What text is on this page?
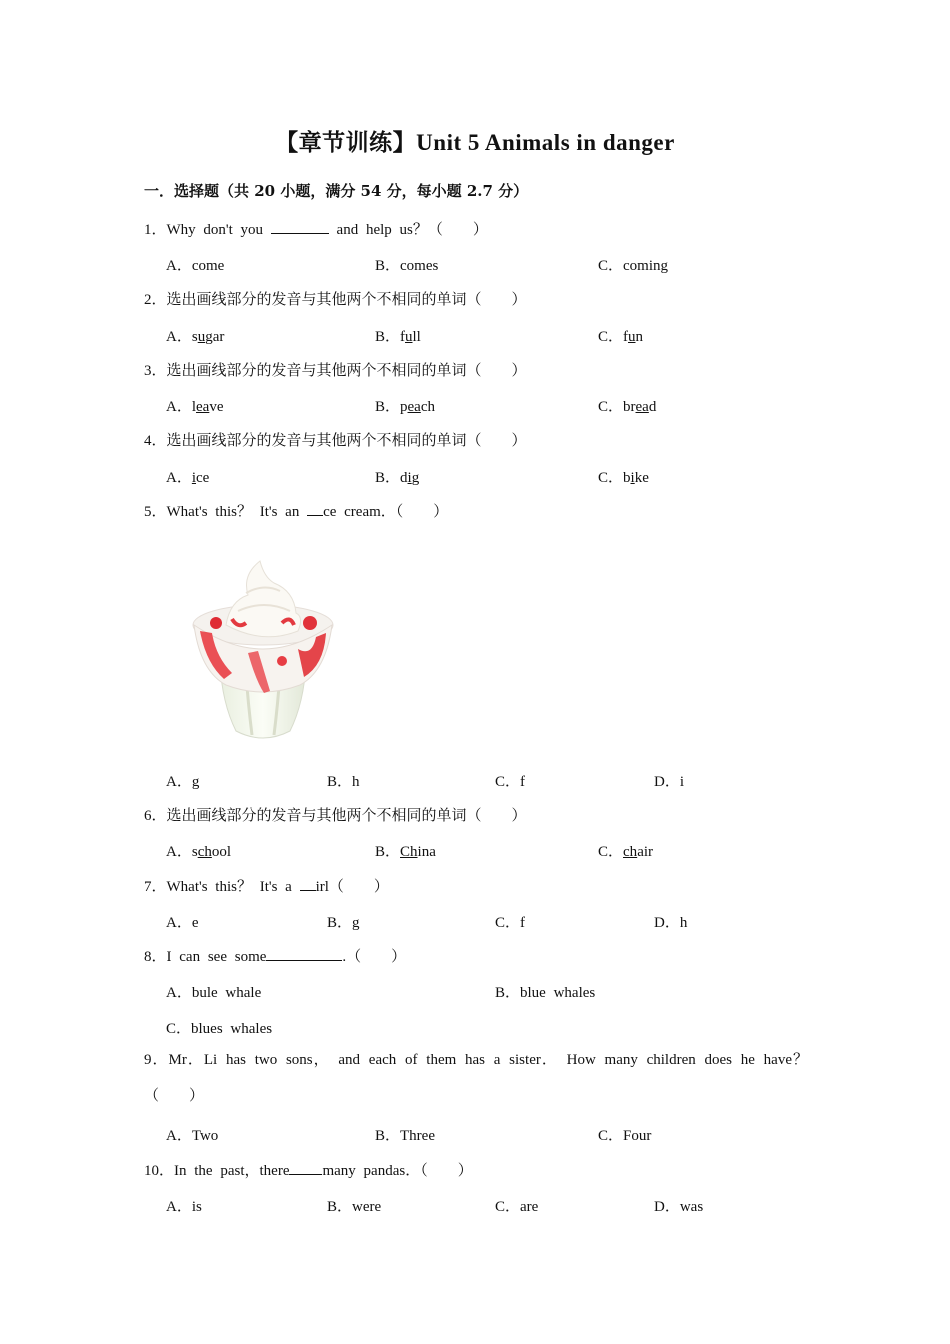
【章节训练】Unit 5 Animals in danger
一．选择题（共 20 小题，满分 54 分，每小题 2.7 分）
1．Why don't you	and help us？（　　）
A．come	B．comes	C．coming
2．选出画线部分的发音与其他两个不相同的单词（　　）
A．sugar	B．full	C．fun
3．选出画线部分的发音与其他两个不相同的单词（　　）
A．leave	B．peach	C．bread
4．选出画线部分的发音与其他两个不相同的单词（　　）
A．ice	B．dig	C．bike
5．What's this？ It's an ce cream．（　　）
A．g	B．h	C．f	D．i
6．选出画线部分的发音与其他两个不相同的单词（　　）
A．school	B．China	C．chair
7．What's this？ It's a irl（　　）
A．e	B．g	C．f	D．h
8．I can see some	.（　　）
A．bule whale	B．blue whales
C．blues whales
9．Mr．Li has two sons， and each of them has a sister． How many children does he have？（　　）
A．Two	B．Three	C．Four
10．In the past，there many pandas．（　　）
A．is	B．were	C．are	D．was
